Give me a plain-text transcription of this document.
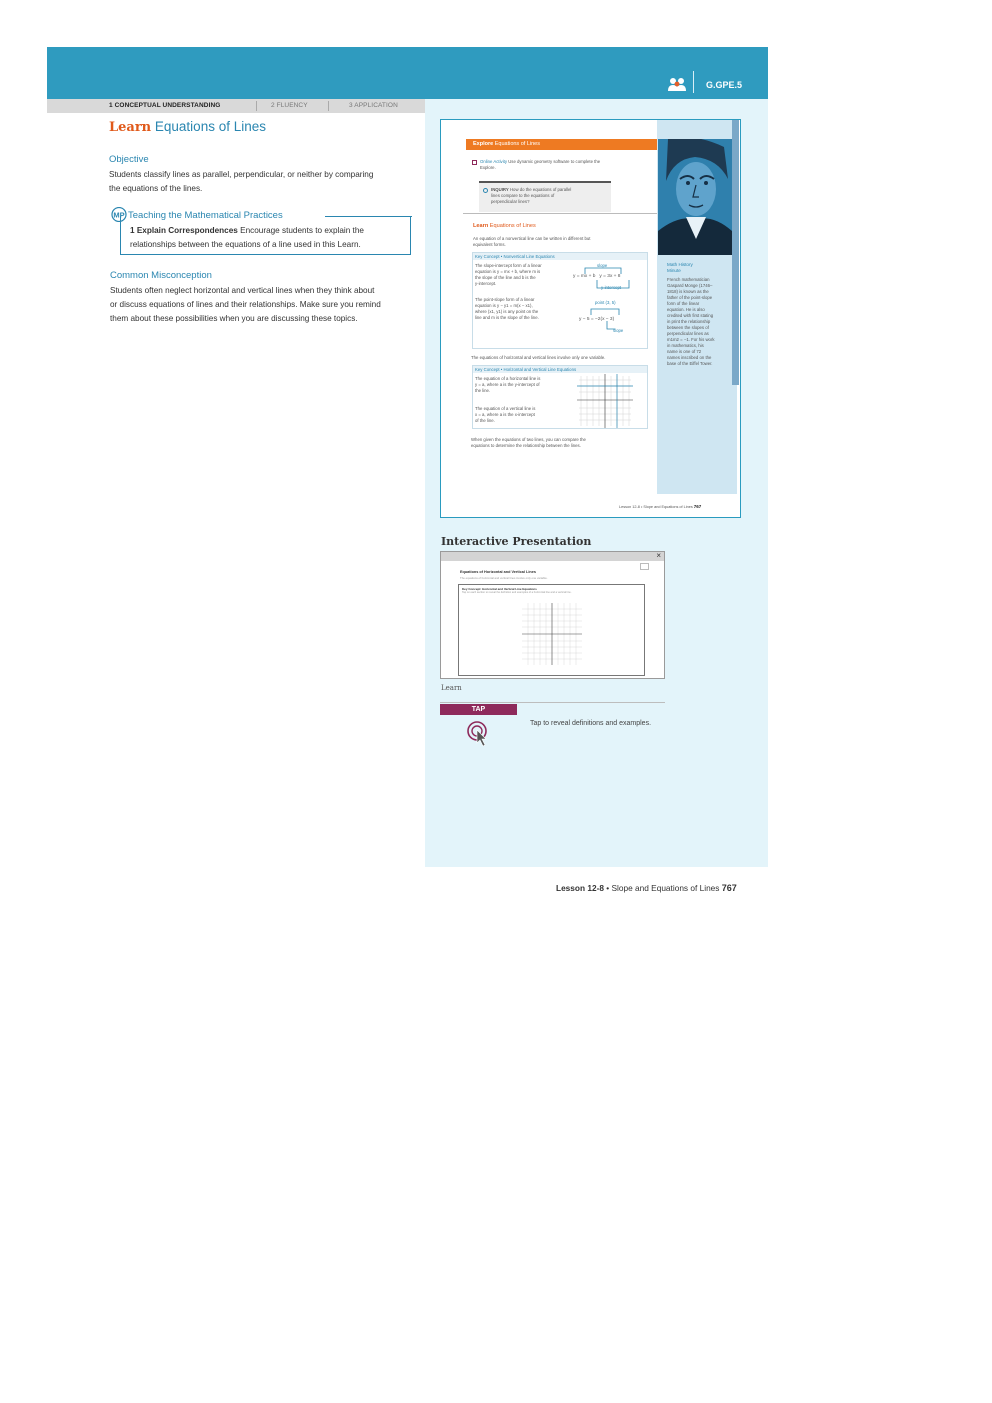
G.GPE.5
1 CONCEPTUAL UNDERSTANDING	2 FLUENCY	3 APPLICATION
Learn Equations of Lines
Objective
Students classify lines as parallel, perpendicular, or neither by comparing
the equations of the lines.
MP Teaching the Mathematical Practices
1 Explain Correspondences Encourage students to explain the
relationships between the equations of a line used in this Learn.
Common Misconception
Students often neglect horizontal and vertical lines when they think about
or discuss equations of lines and their relationships. Make sure you remind
them about these possibilities when you are discussing these topics.
Math History
Minute
French mathematician
Gaspard Monge (1746–
1818) is known as the
father of the point-slope
form of the linear
equation. He is also
credited with first stating
in print the relationship
between the slopes of
perpendicular lines as
m1m2 = −1. For his work
in mathematics, his
name is one of 72
names inscribed on the
base of the Eiffel Tower.
Explore Equations of Lines
Online Activity Use dynamic geometry software to complete the
Explore.
INQUIRY How do the equations of parallel
lines compare to the equations of
perpendicular lines?
Learn Equations of Lines
An equation of a nonvertical line can be written in different but
equivalent forms.
Key Concept • Nonvertical Line Equations
The slope-intercept form of a linear
equation is y = mx + b, where m is
the slope of the line and b is the
y-intercept.
y = mx + b y = 3x + 8
slope
y-intercept
The point-slope form of a linear
equation is y − y1 = m(x − x1),
where (x1, y1) is any point on the
line and m is the slope of the line.
point (3, 5)
y − 5 = −2(x − 3)
slope
The equations of horizontal and vertical lines involve only one variable.
Key Concept • Horizontal and Vertical Line Equations
The equation of a horizontal line is
y = a, where a is the y-intercept of
the line.
The equation of a vertical line is
x = a, where a is the x-intercept
of the line.
When given the equations of two lines, you can compare the
equations to determine the relationship between the lines.
Lesson 12-8 • Slope and Equations of Lines 767
Interactive Presentation
×
Equations of Horizontal and Vertical Lines
The equations of horizontal and vertical lines involve only one variable.
Key Concept: Horizontal and Vertical Line Equations
Tap on each section to reveal the definition and examples of a horizontal line and a vertical line.
Learn
TAP
Tap to reveal definitions and examples.
Lesson 12-8 • Slope and Equations of Lines 767
